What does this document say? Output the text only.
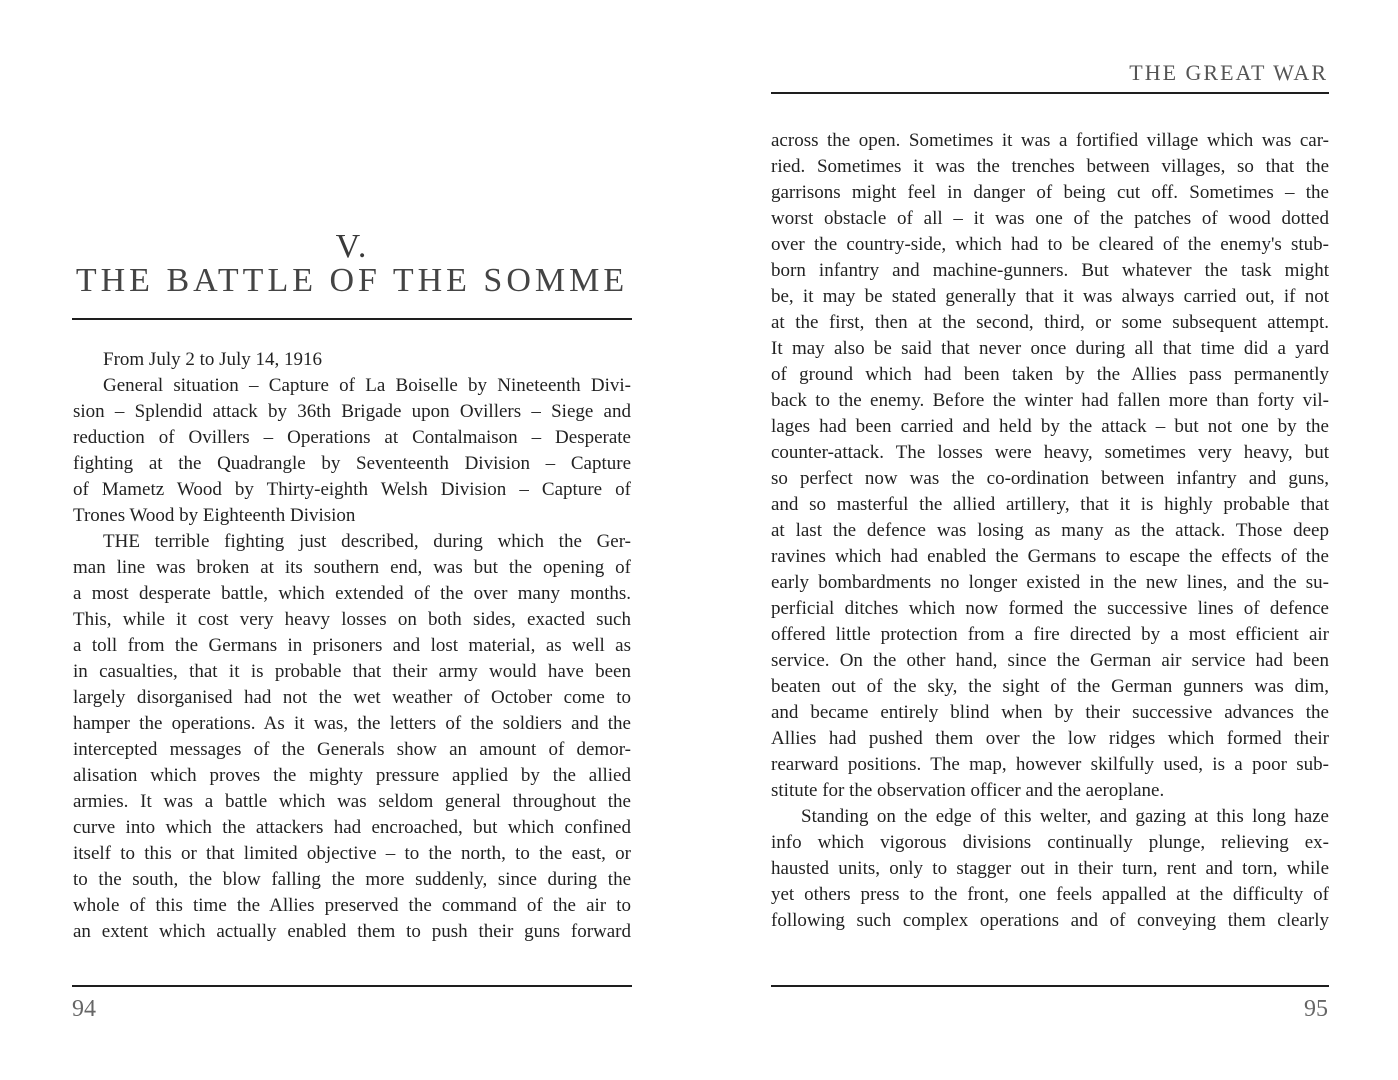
V.
THE BATTLE OF THE SOMME
From July 2 to July 14, 1916
General situation – Capture of La Boiselle by Nineteenth Divi-
sion – Splendid attack by 36th Brigade upon Ovillers – Siege and
reduction of Ovillers – Operations at Contalmaison – Desperate
fighting at the Quadrangle by Seventeenth Division – Capture
of Mametz Wood by Thirty-eighth Welsh Division – Capture of
Trones Wood by Eighteenth Division
THE terrible fighting just described, during which the Ger-
man line was broken at its southern end, was but the opening of
a most desperate battle, which extended of the over many months.
This, while it cost very heavy losses on both sides, exacted such
a toll from the Germans in prisoners and lost material, as well as
in casualties, that it is probable that their army would have been
largely disorganised had not the wet weather of October come to
hamper the operations. As it was, the letters of the soldiers and the
intercepted messages of the Generals show an amount of demor-
alisation which proves the mighty pressure applied by the allied
armies. It was a battle which was seldom general throughout the
curve into which the attackers had encroached, but which confined
itself to this or that limited objective – to the north, to the east, or
to the south, the blow falling the more suddenly, since during the
whole of this time the Allies preserved the command of the air to
an extent which actually enabled them to push their guns forward
94
THE GREAT WAR
across the open. Sometimes it was a fortified village which was car-
ried. Sometimes it was the trenches between villages, so that the
garrisons might feel in danger of being cut off. Sometimes – the
worst obstacle of all – it was one of the patches of wood dotted
over the country-side, which had to be cleared of the enemy's stub-
born infantry and machine-gunners. But whatever the task might
be, it may be stated generally that it was always carried out, if not
at the first, then at the second, third, or some subsequent attempt.
It may also be said that never once during all that time did a yard
of ground which had been taken by the Allies pass permanently
back to the enemy. Before the winter had fallen more than forty vil-
lages had been carried and held by the attack – but not one by the
counter-attack. The losses were heavy, sometimes very heavy, but
so perfect now was the co-ordination between infantry and guns,
and so masterful the allied artillery, that it is highly probable that
at last the defence was losing as many as the attack. Those deep
ravines which had enabled the Germans to escape the effects of the
early bombardments no longer existed in the new lines, and the su-
perficial ditches which now formed the successive lines of defence
offered little protection from a fire directed by a most efficient air
service. On the other hand, since the German air service had been
beaten out of the sky, the sight of the German gunners was dim,
and became entirely blind when by their successive advances the
Allies had pushed them over the low ridges which formed their
rearward positions. The map, however skilfully used, is a poor sub-
stitute for the observation officer and the aeroplane.
Standing on the edge of this welter, and gazing at this long haze
info which vigorous divisions continually plunge, relieving ex-
hausted units, only to stagger out in their turn, rent and torn, while
yet others press to the front, one feels appalled at the difficulty of
following such complex operations and of conveying them clearly
95
